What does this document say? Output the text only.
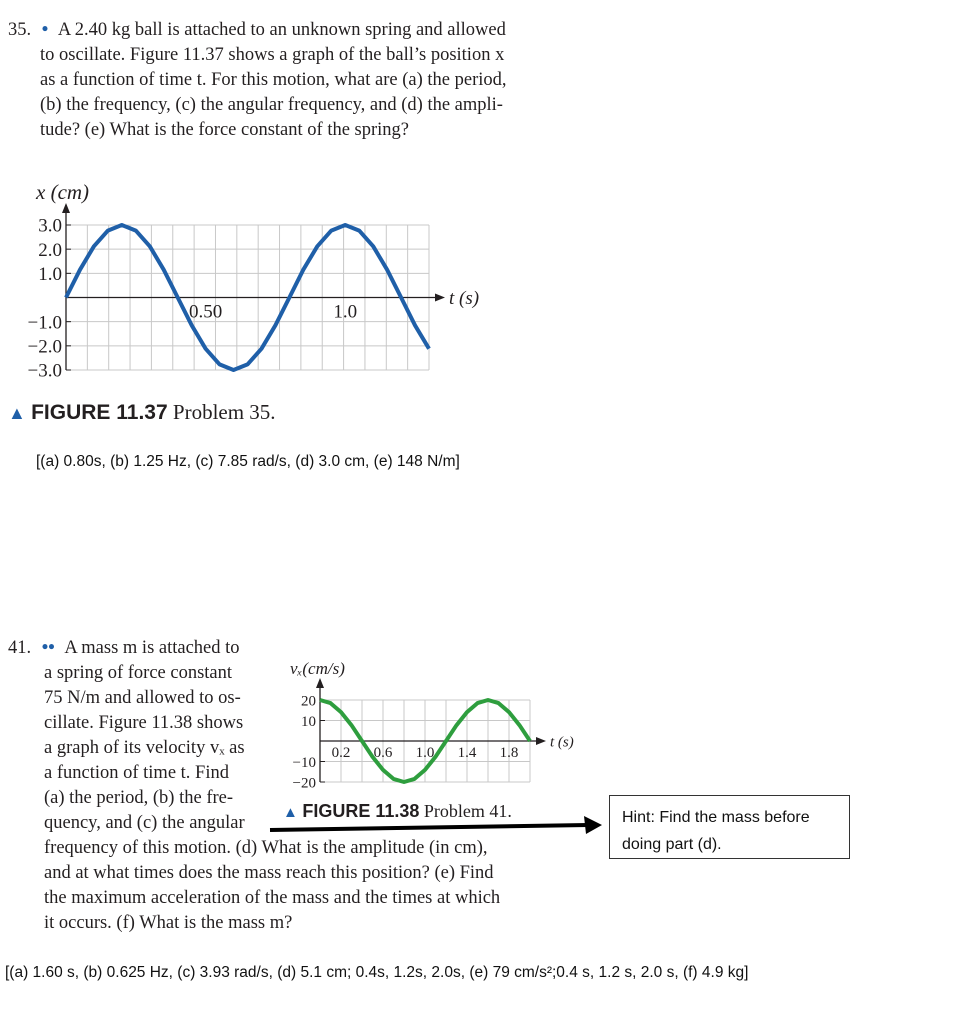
35. • A 2.40 kg ball is attached to an unknown spring and allowed
to oscillate. Figure 11.37 shows a graph of the ball’s position x
as a function of time t. For this motion, what are (a) the period,
(b) the frequency, (c) the angular frequency, and (d) the ampli-
tude? (e) What is the force constant of the spring?
3.0
2.0
1.0
−1.0
−2.0
−3.0
0.50	1.0
x (cm)
t (s)
▲ FIGURE 11.37 Problem 35.
[(a) 0.80s, (b) 1.25 Hz, (c) 7.85 rad/s, (d) 3.0 cm, (e) 148 N/m]
41. •• A mass m is attached to
a spring of force constant
75 N/m and allowed to os-
cillate. Figure 11.38 shows
a graph of its velocity vₓ as
a function of time t. Find
(a) the period, (b) the fre-
quency, and (c) the angular
frequency of this motion. (d) What is the amplitude (in cm),
and at what times does the mass reach this position? (e) Find
the maximum acceleration of the mass and the times at which
it occurs. (f) What is the mass m?
20
10
−10
−20
0.2 0.6 1.0 1.4 1.8
vₓ(cm/s)
t (s)
▲ FIGURE 11.38 Problem 41.	Hint: Find the mass before
doing part (d).
[(a) 1.60 s, (b) 0.625 Hz, (c) 3.93 rad/s, (d) 5.1 cm; 0.4s, 1.2s, 2.0s, (e) 79 cm/s²;0.4 s, 1.2 s, 2.0 s, (f) 4.9 kg]
